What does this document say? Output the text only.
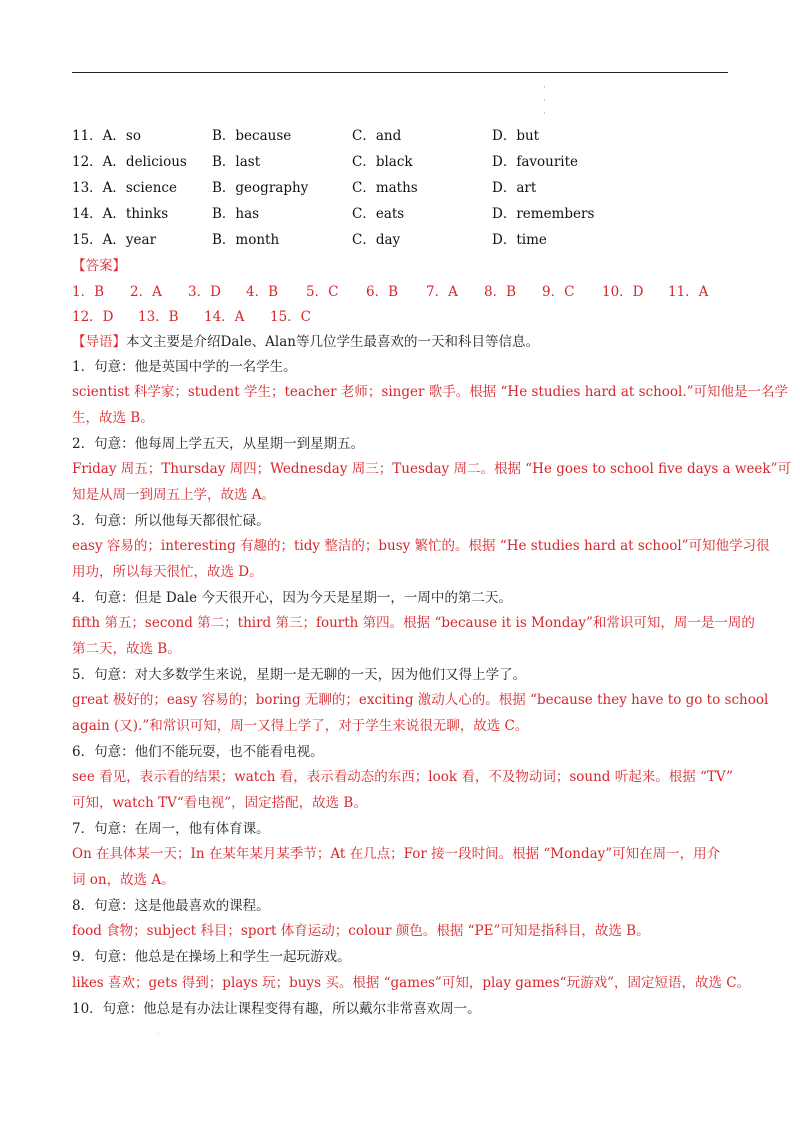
·
·
·
11．A．so	B．because	C．and	D．but
12．A．delicious B．last	C．black	D．favourite
13．A．science	B．geography	C．maths	D．art
14．A．thinks	B．has	C．eats	D．remembers
15．A．year	B．month	C．day	D．time
【答案】
1．B 2．A 3．D 4．B 5．C 6．B 7．A 8．B 9．C 10．D 11．A
12．D 13．B 14．A 15．C
【导语】本文主要是介绍Dale、Alan等几位学生最喜欢的一天和科目等信息。
1．句意：他是英国中学的一名学生。
scientist 科学家；student 学生；teacher 老师；singer 歌手。根据 “He studies hard at school.”可知他是一名学
生，故选 B。
2．句意：他每周上学五天，从星期一到星期五。
Friday 周五；Thursday 周四；Wednesday 周三；Tuesday 周二。根据 “He goes to school five days a week”可
知是从周一到周五上学，故选 A。
3．句意：所以他每天都很忙碌。
easy 容易的；interesting 有趣的；tidy 整洁的；busy 繁忙的。根据 “He studies hard at school”可知他学习很
用功，所以每天很忙，故选 D。
4．句意：但是 Dale 今天很开心，因为今天是星期一，一周中的第二天。
fifth 第五；second 第二；third 第三；fourth 第四。根据 “because it is Monday”和常识可知，周一是一周的
第二天，故选 B。
5．句意：对大多数学生来说，星期一是无聊的一天，因为他们又得上学了。
great 极好的；easy 容易的；boring 无聊的；exciting 激动人心的。根据 “because they have to go to school
again (又).”和常识可知，周一又得上学了，对于学生来说很无聊，故选 C。
6．句意：他们不能玩耍，也不能看电视。
see 看见，表示看的结果；watch 看，表示看动态的东西；look 看，不及物动词；sound 听起来。根据 “TV”
可知，watch TV“看电视”，固定搭配，故选 B。
7．句意：在周一，他有体育课。
On 在具体某一天；In 在某年某月某季节；At 在几点；For 接一段时间。根据 “Monday”可知在周一，用介
词 on，故选 A。
8．句意：这是他最喜欢的课程。
food 食物；subject 科目；sport 体育运动；colour 颜色。根据 “PE”可知是指科目，故选 B。
9．句意：他总是在操场上和学生一起玩游戏。
likes 喜欢；gets 得到；plays 玩；buys 买。根据 “games”可知，play games“玩游戏”，固定短语，故选 C。
10．句意：他总是有办法让课程变得有趣，所以戴尔非常喜欢周一。
·
